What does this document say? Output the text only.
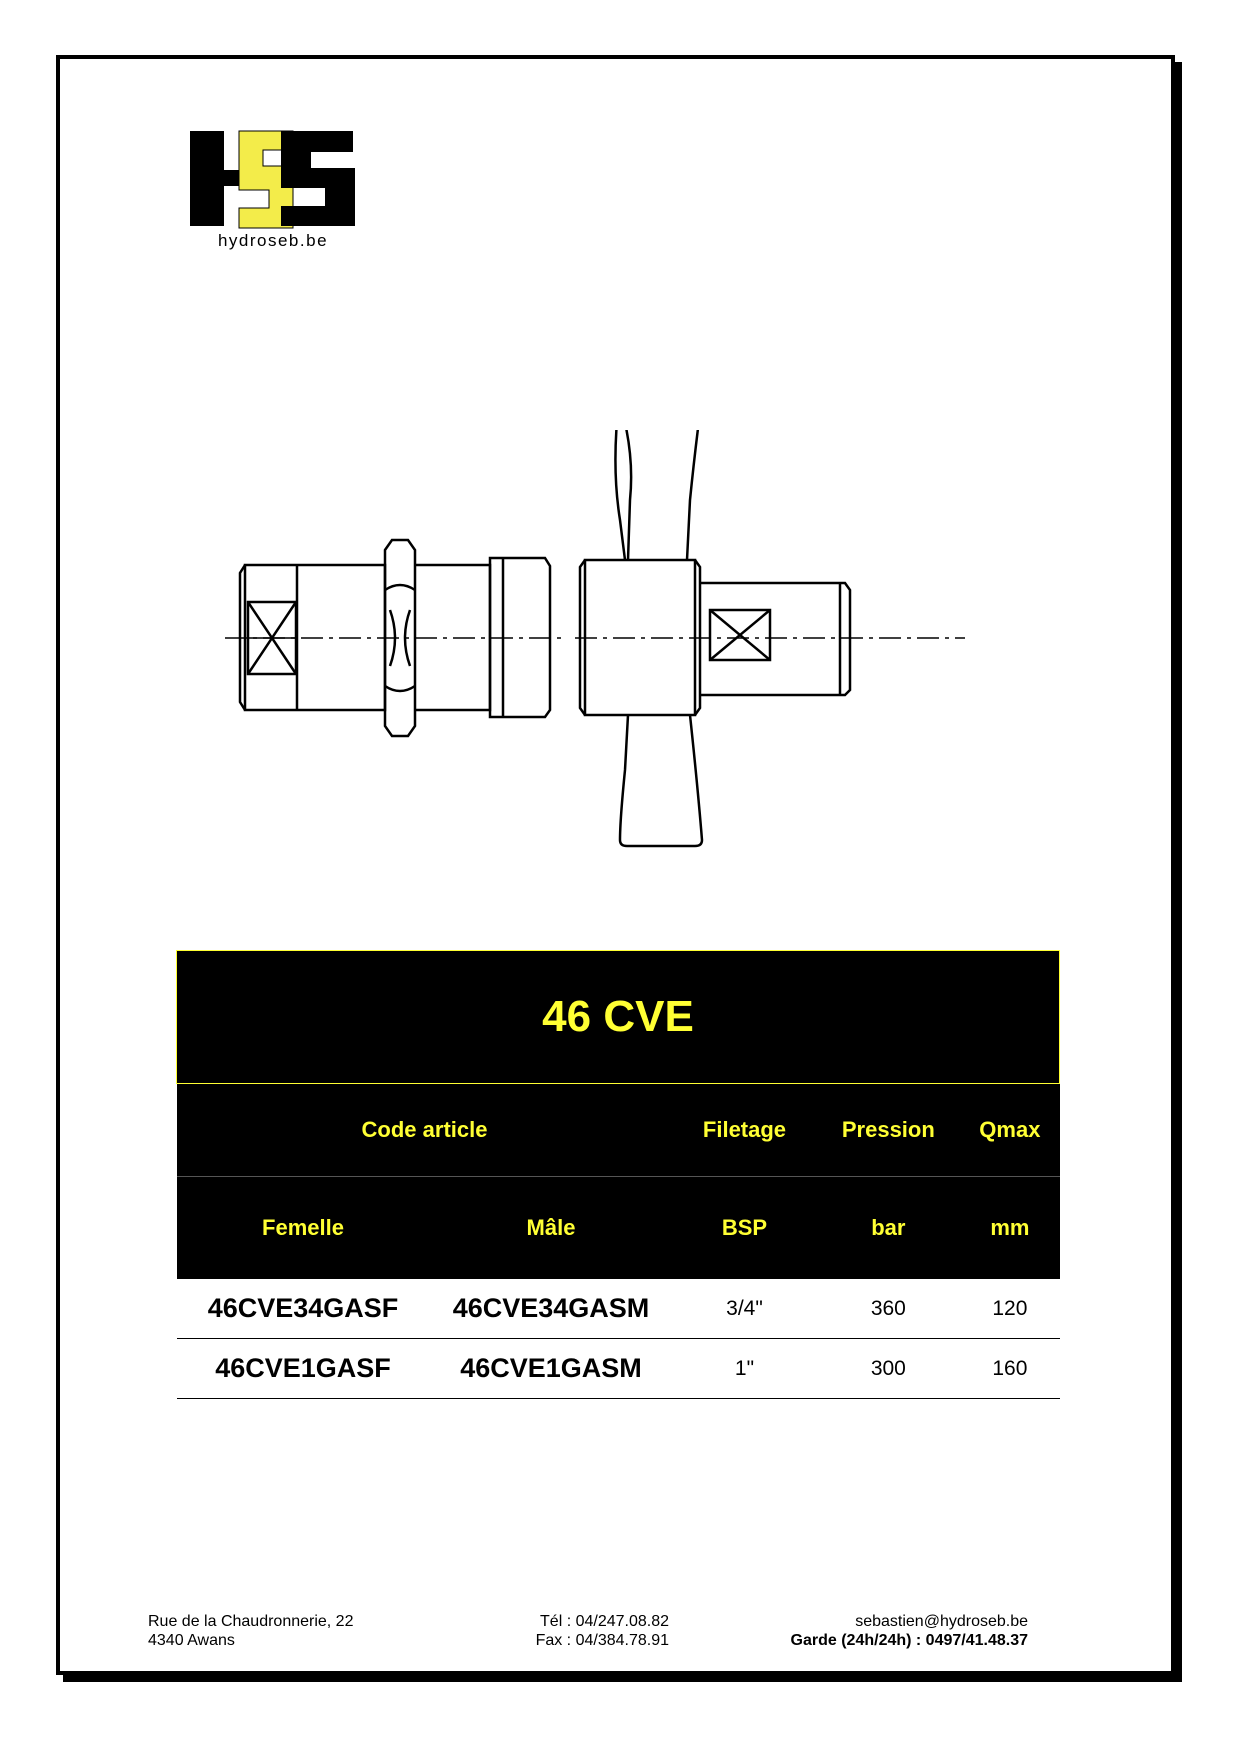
hydroseb.be
46 CVE				
Code article		Filetage	Pression	Qmax
Femelle	Mâle	BSP	bar	mm
46CVE34GASF	46CVE34GASM	3/4"	360	120
46CVE1GASF	46CVE1GASM	1"	300	160
Rue de la Chaudronnerie, 22
4340 Awans
Tél : 04/247.08.82
Fax : 04/384.78.91
sebastien@hydroseb.be
Garde (24h/24h) : 0497/41.48.37
